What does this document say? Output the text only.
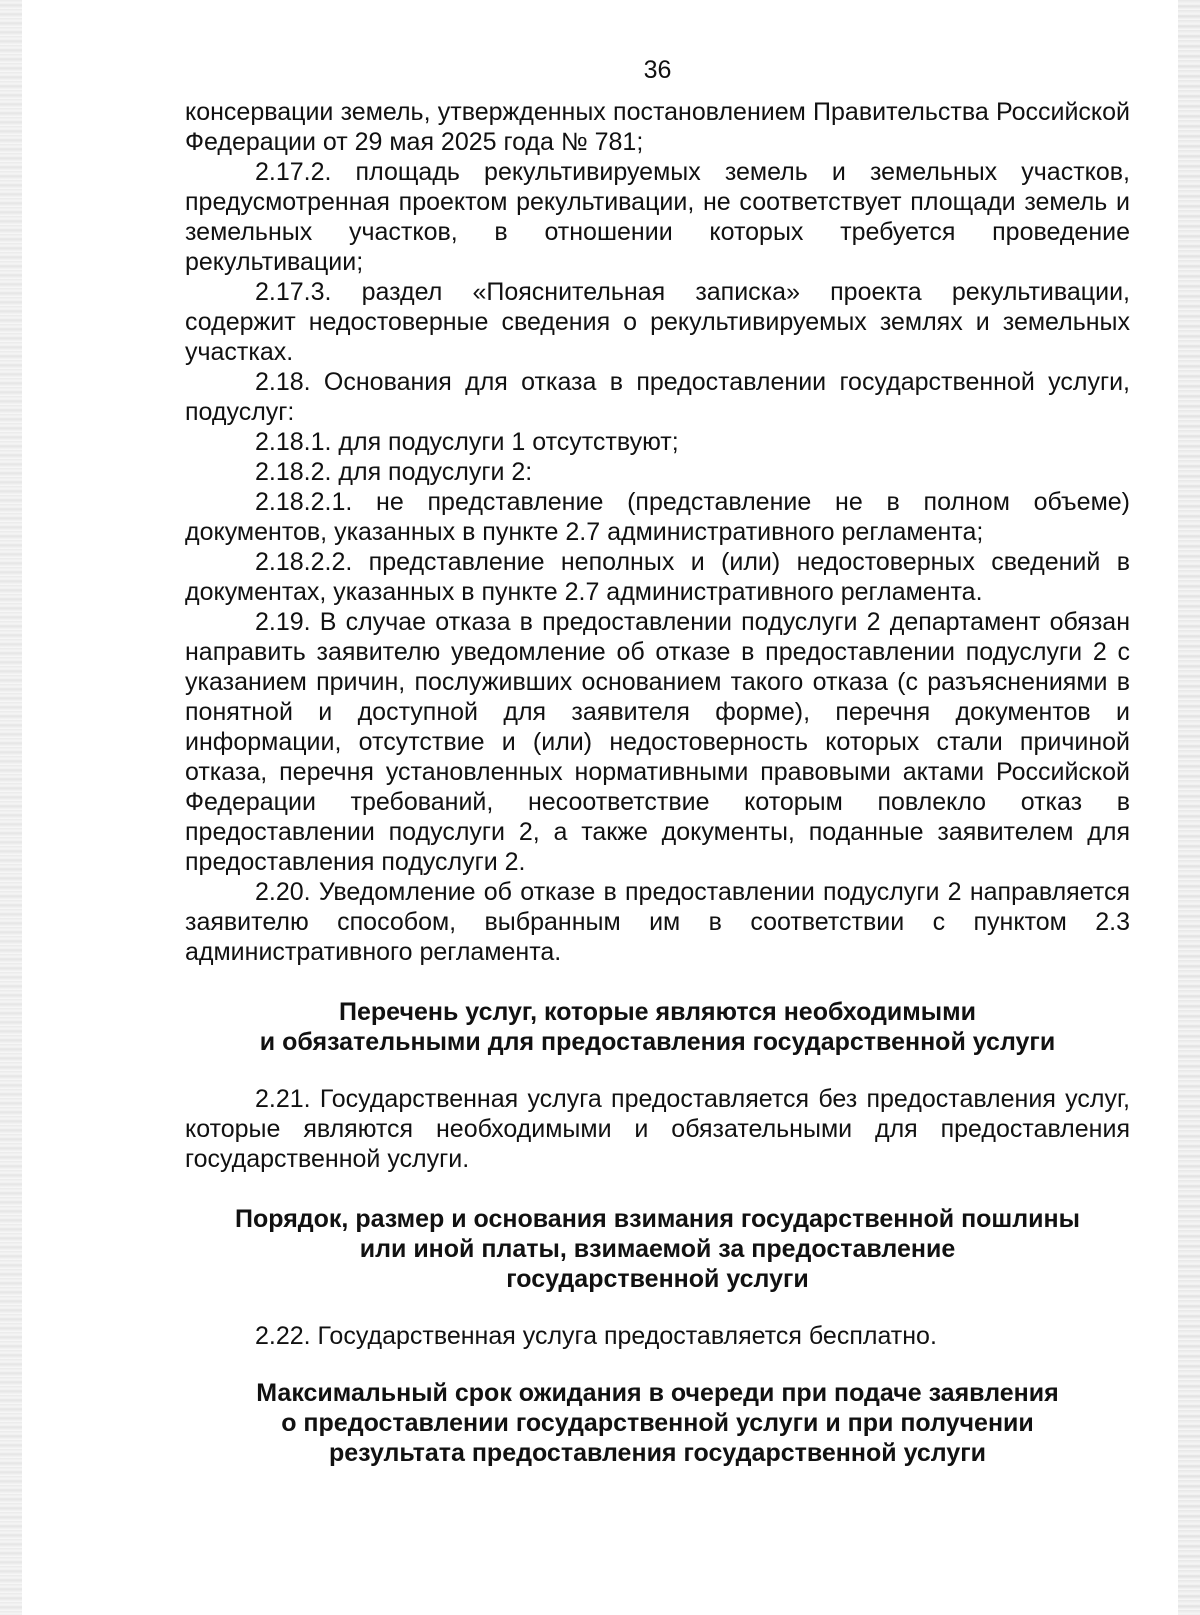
36

консервации земель, утвержденных постановлением Правительства Российской Федерации от 29 мая 2025 года № 781;

2.17.2. площадь рекультивируемых земель и земельных участков, предусмотренная проектом рекультивации, не соответствует площади земель и земельных участков, в отношении которых требуется проведение рекультивации;

2.17.3. раздел «Пояснительная записка» проекта рекультивации, содержит недостоверные сведения о рекультивируемых землях и земельных участках.

2.18. Основания для отказа в предоставлении государственной услуги, подуслуг:

2.18.1. для подуслуги 1 отсутствуют;

2.18.2. для подуслуги 2:

2.18.2.1. не представление (представление не в полном объеме) документов, указанных в пункте 2.7 административного регламента;

2.18.2.2. представление неполных и (или) недостоверных сведений в документах, указанных в пункте 2.7 административного регламента.

2.19. В случае отказа в предоставлении подуслуги 2 департамент обязан направить заявителю уведомление об отказе в предоставлении подуслуги 2 с указанием причин, послуживших основанием такого отказа (с разъяснениями в понятной и доступной для заявителя форме), перечня документов и информации, отсутствие и (или) недостоверность которых стали причиной отказа, перечня установленных нормативными правовыми актами Российской Федерации требований, несоответствие которым повлекло отказ в предоставлении подуслуги 2, а также документы, поданные заявителем для предоставления подуслуги 2.

2.20. Уведомление об отказе в предоставлении подуслуги 2 направляется заявителю способом, выбранным им в соответствии с пунктом 2.3 административного регламента.

Перечень услуг, которые являются необходимыми

и обязательными для предоставления государственной услуги

2.21. Государственная услуга предоставляется без предоставления услуг, которые являются необходимыми и обязательными для предоставления государственной услуги.

Порядок, размер и основания взимания государственной пошлины

или иной платы, взимаемой за предоставление

государственной услуги

2.22. Государственная услуга предоставляется бесплатно.

Максимальный срок ожидания в очереди при подаче заявления

о предоставлении государственной услуги и при получении

результата предоставления государственной услуги
